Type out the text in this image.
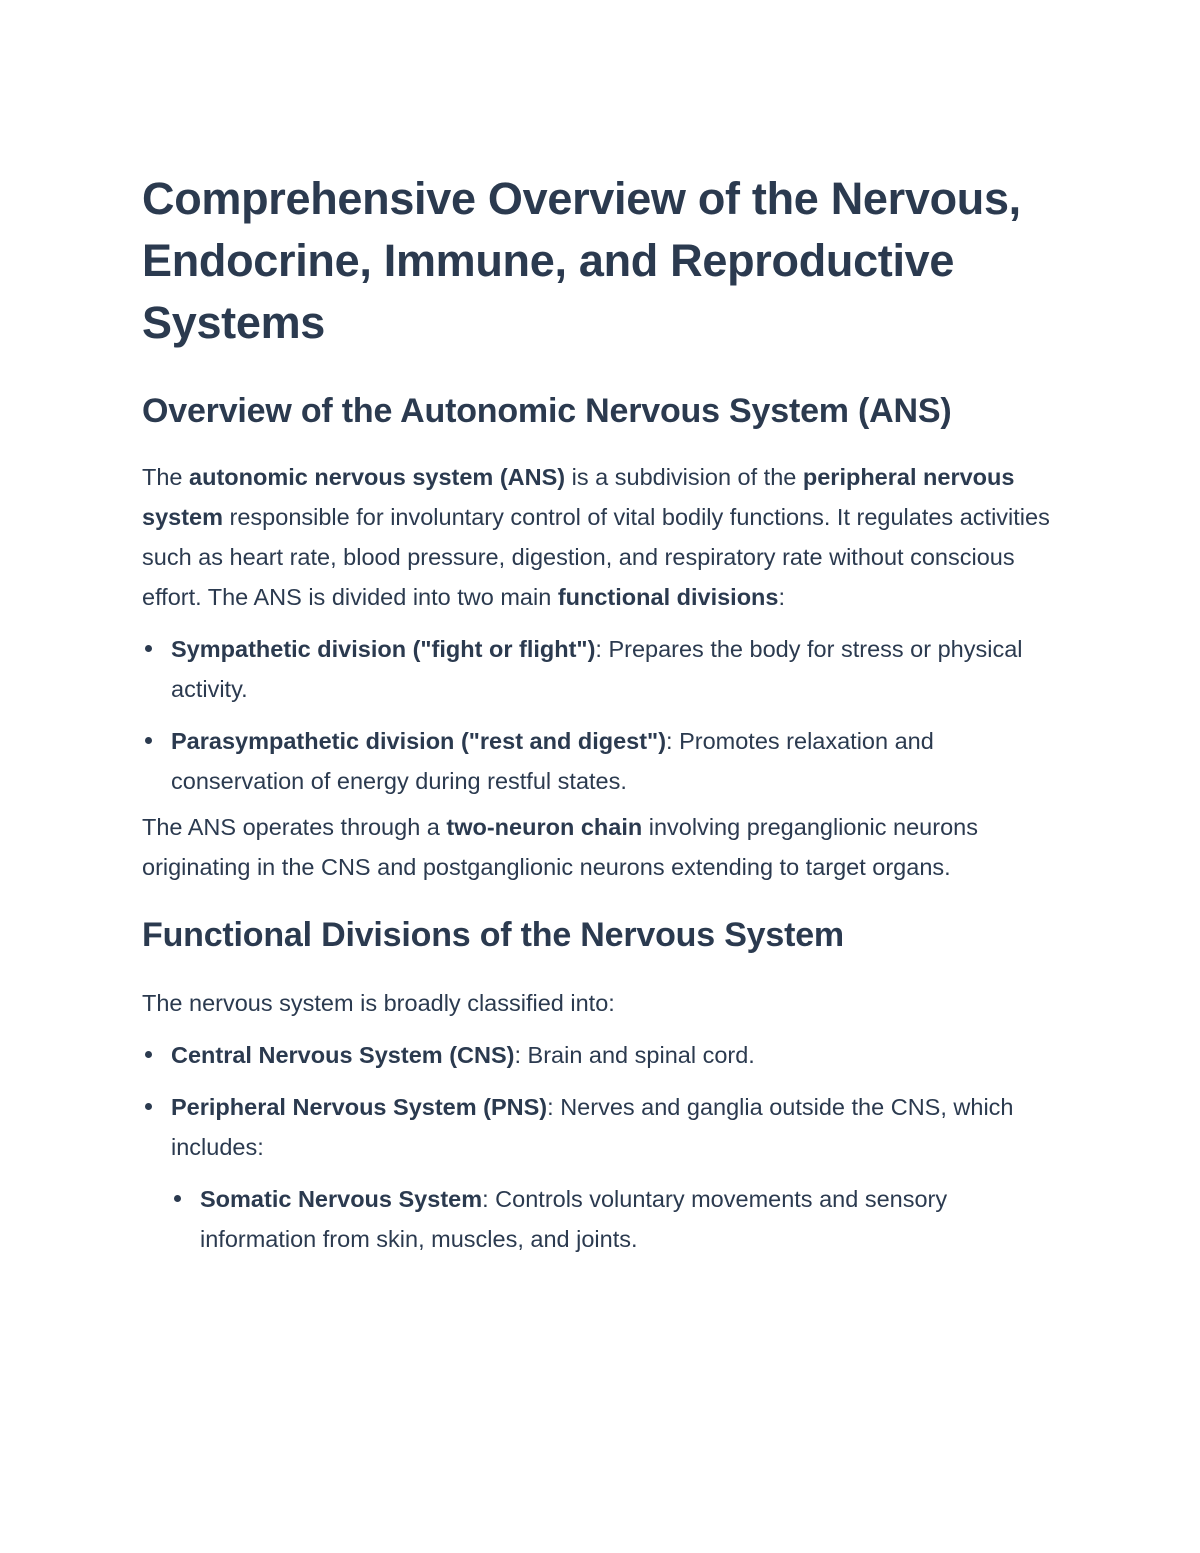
Comprehensive Overview of the Nervous, Endocrine, Immune, and Reproductive Systems
Overview of the Autonomic Nervous System (ANS)

The autonomic nervous system (ANS) is a subdivision of the peripheral nervous system responsible for involuntary control of vital bodily functions. It regulates activities such as heart rate, blood pressure, digestion, and respiratory rate without conscious effort. The ANS is divided into two main functional divisions:

Sympathetic division ("fight or flight"): Prepares the body for stress or physical activity.
Parasympathetic division ("rest and digest"): Promotes relaxation and conservation of energy during restful states.

The ANS operates through a two-neuron chain involving preganglionic neurons originating in the CNS and postganglionic neurons extending to target organs.

Functional Divisions of the Nervous System

The nervous system is broadly classified into:

Central Nervous System (CNS): Brain and spinal cord.
Peripheral Nervous System (PNS): Nerves and ganglia outside the CNS, which includes:
Somatic Nervous System: Controls voluntary movements and sensory information from skin, muscles, and joints.
